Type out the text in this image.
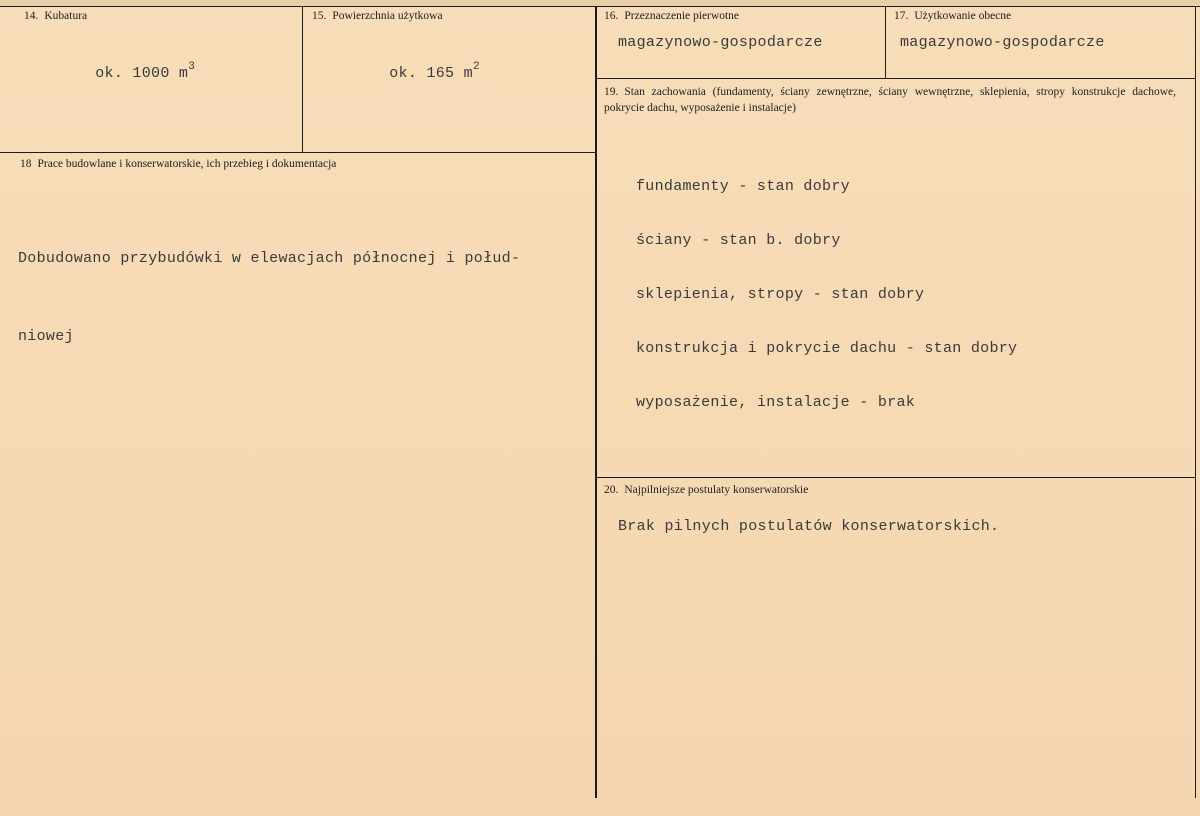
14. Kubatura

ok. 1000 $m^3$

15. Powierzchnia użytkowa

ok. 165 $m^2$

16. Przeznaczenie pierwotne
magazynowo-gospodarcze
17. Użytkowanie obecne
magazynowo-gospodarcze
18 Prace budowlane i konserwatorskie, ich przebieg i dokumentacja

Dobudowano przybudówki w elewacjach północnej i połud-

niowej

19. Stan zachowania (fundamenty, ściany zewnętrzne, ściany wewnętrzne, sklepienia, stropy konstrukcje dachowe, pokrycie dachu, wyposażenie i instalacje)

fundamenty - stan dobry

ściany - stan b. dobry

sklepienia, stropy - stan dobry

konstrukcja i pokrycie dachu - stan dobry

wyposażenie, instalacje - brak

20. Najpilniejsze postulaty konserwatorskie
Brak pilnych postulatów konserwatorskich.
